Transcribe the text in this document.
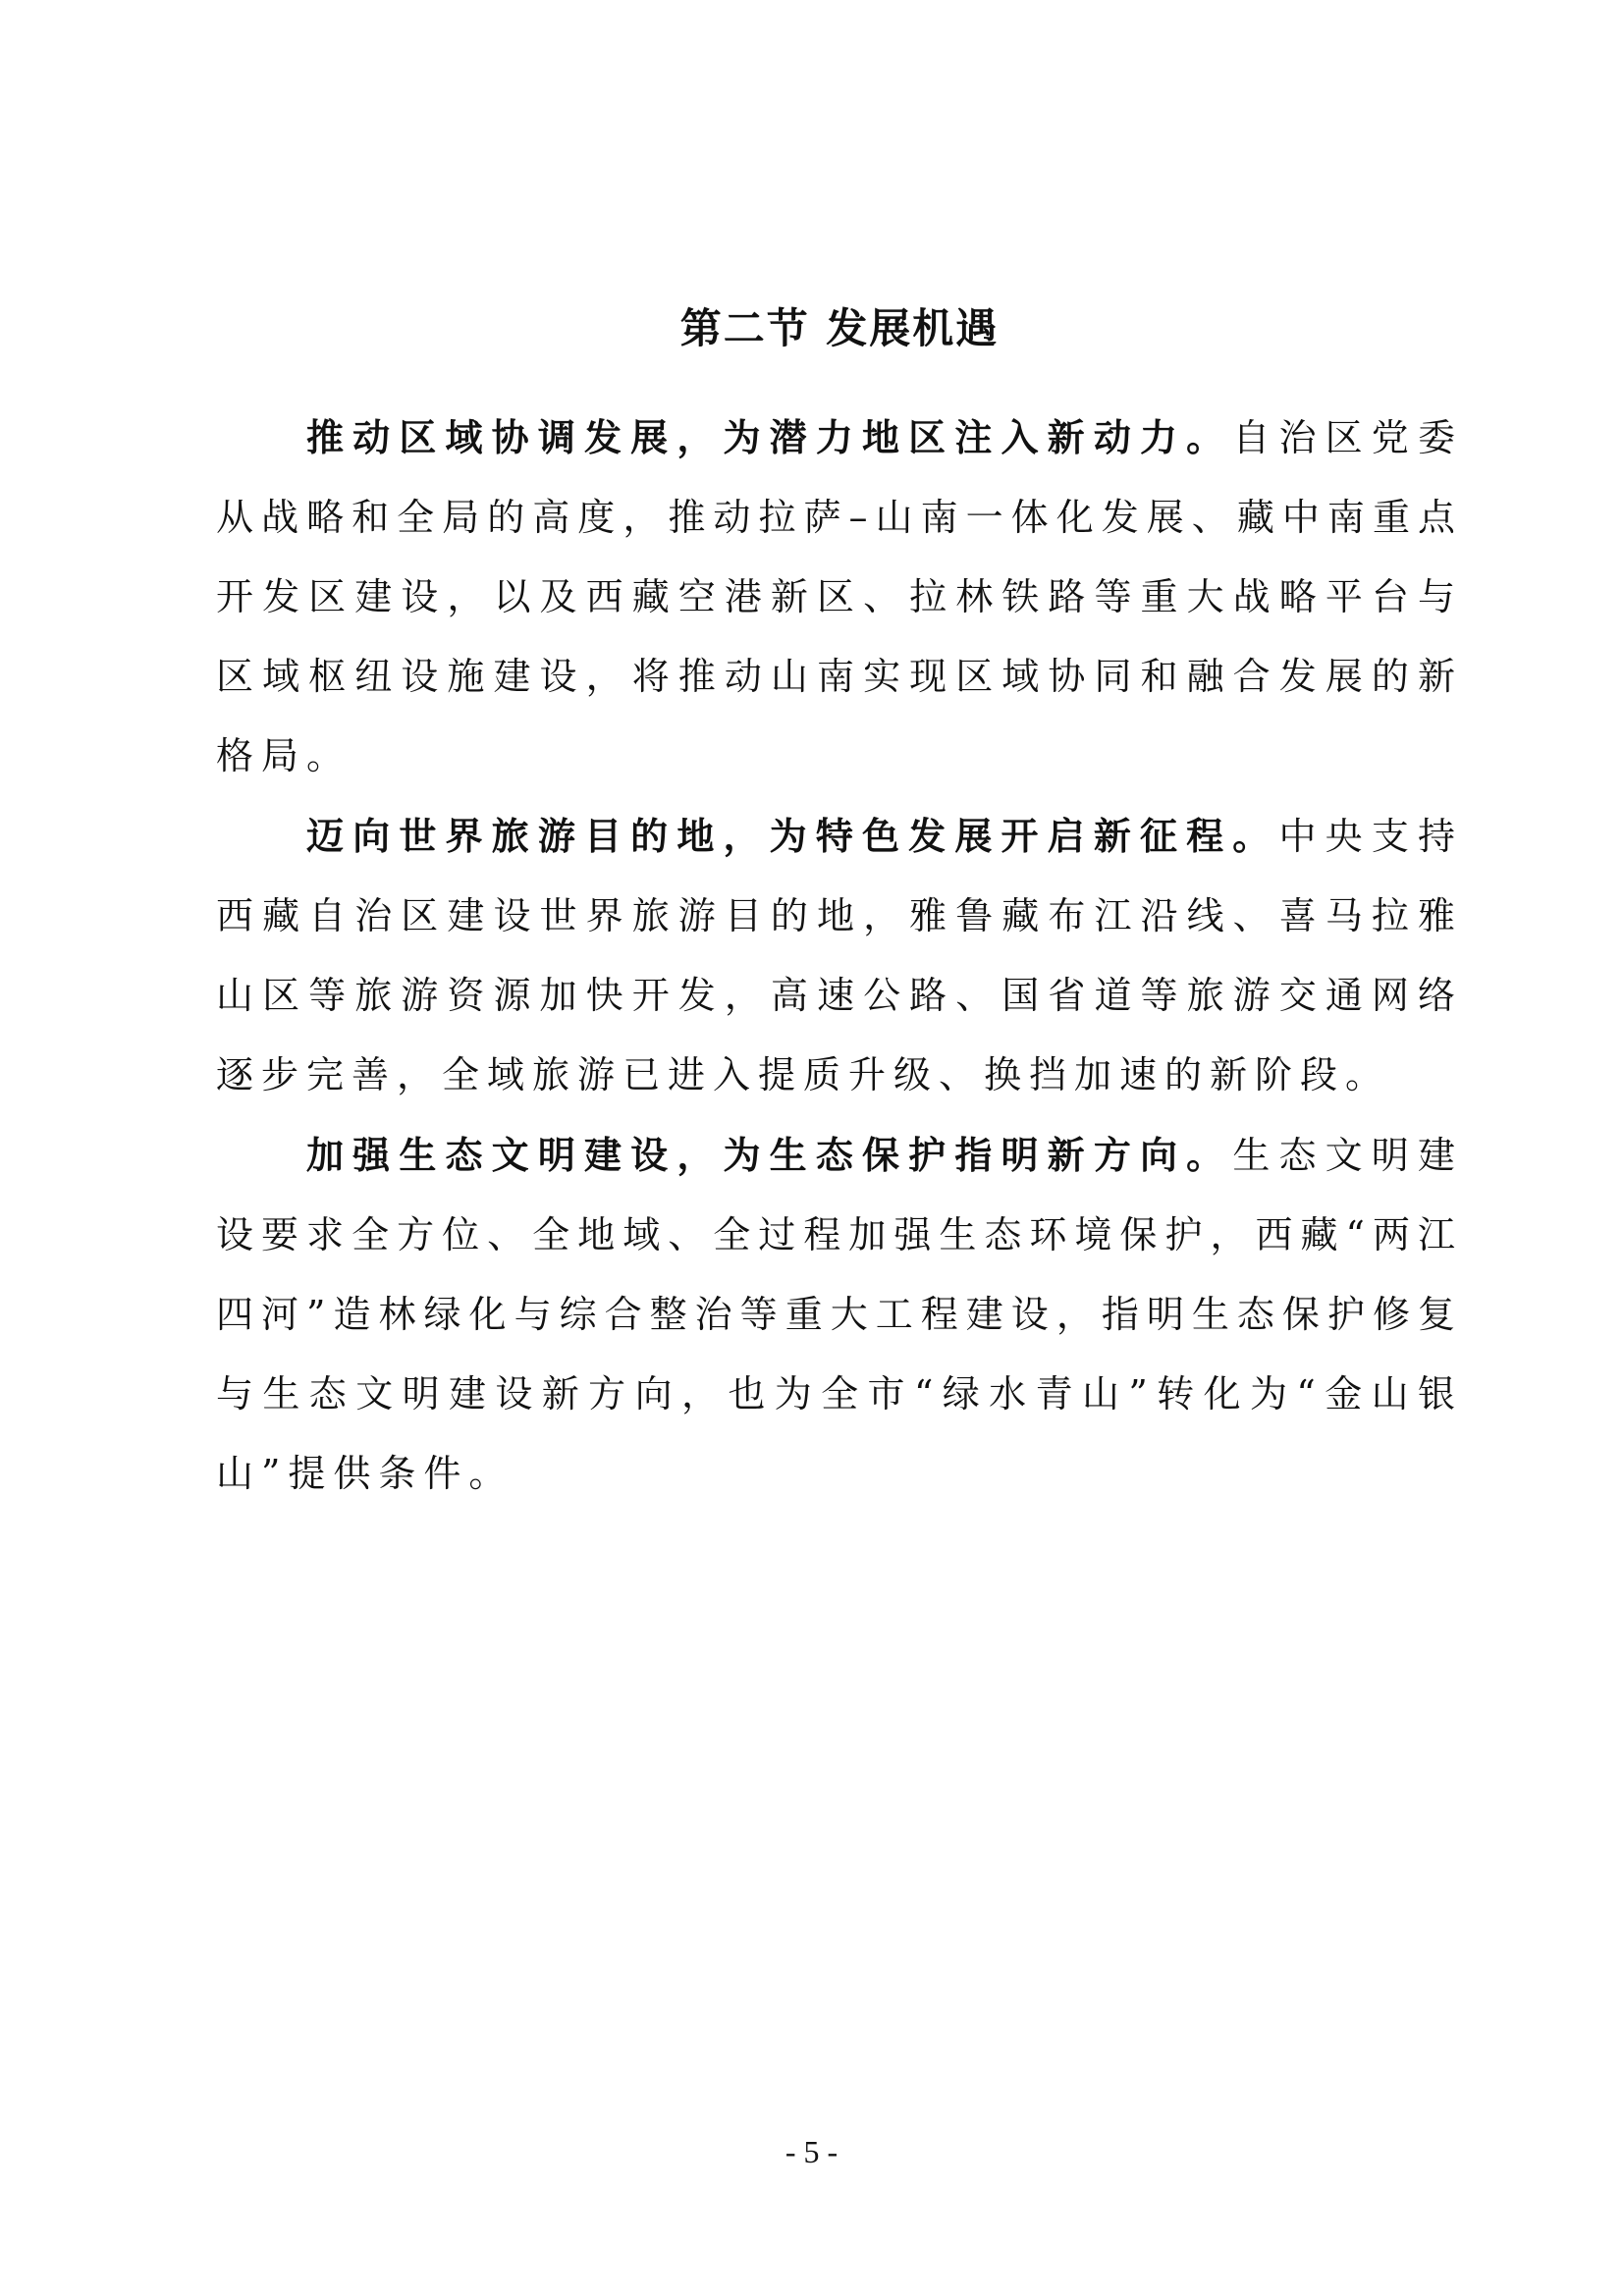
第二节 发展机遇

推动区域协调发展，为潜力地区注入新动力。自治区党委从战略和全局的高度，推动拉萨–山南一体化发展、藏中南重点开发区建设，以及西藏空港新区、拉林铁路等重大战略平台与区域枢纽设施建设，将推动山南实现区域协同和融合发展的新格局。

迈向世界旅游目的地，为特色发展开启新征程。中央支持西藏自治区建设世界旅游目的地，雅鲁藏布江沿线、喜马拉雅山区等旅游资源加快开发，高速公路、国省道等旅游交通网络逐步完善，全域旅游已进入提质升级、换挡加速的新阶段。

加强生态文明建设，为生态保护指明新方向。生态文明建设要求全方位、全地域、全过程加强生态环境保护，西藏“两江四河”造林绿化与综合整治等重大工程建设，指明生态保护修复与生态文明建设新方向，也为全市“绿水青山”转化为“金山银山”提供条件。

- 5 -
